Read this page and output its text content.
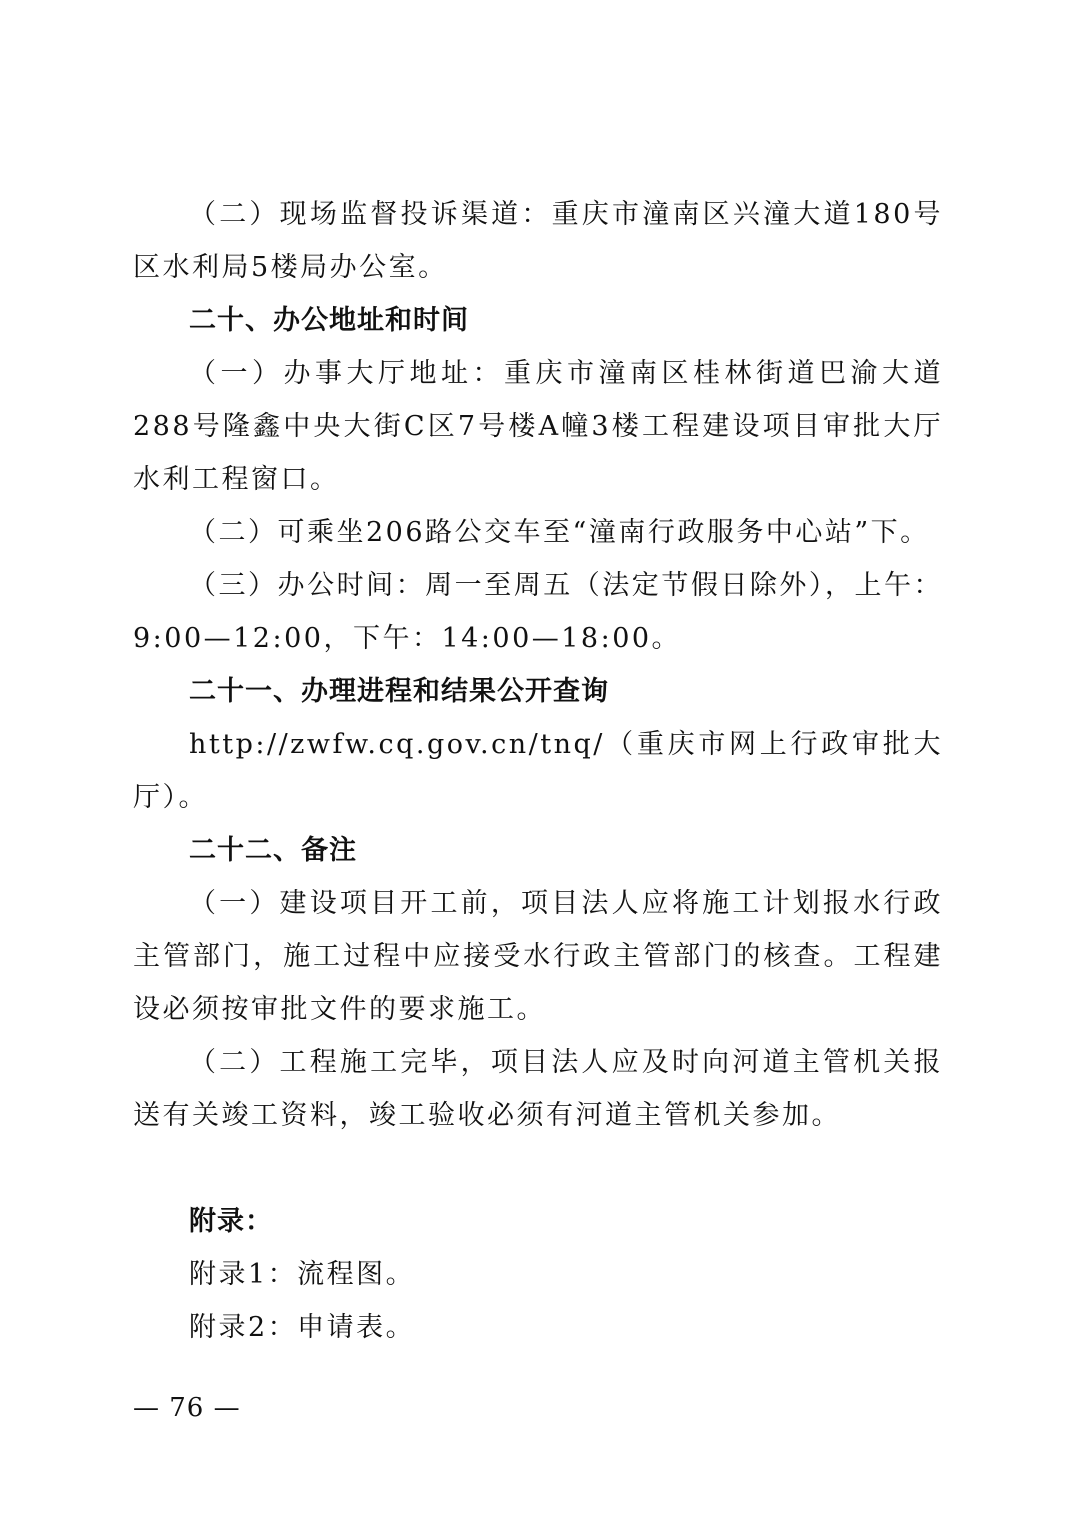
（二）现场监督投诉渠道：重庆市潼南区兴潼大道180号区水利局5楼局办公室。

二十、办公地址和时间

（一）办事大厅地址：重庆市潼南区桂林街道巴渝大道288号隆鑫中央大街C区7号楼A幢3楼工程建设项目审批大厅水利工程窗口。

（二）可乘坐206路公交车至“潼南行政服务中心站”下。

（三）办公时间：周一至周五（法定节假日除外），上午：9:00—12:00，下午：14:00—18:00。

二十一、办理进程和结果公开查询

http://zwfw.cq.gov.cn/tnq/（重庆市网上行政审批大厅）。

二十二、备注

（一）建设项目开工前，项目法人应将施工计划报水行政主管部门，施工过程中应接受水行政主管部门的核查。工程建设必须按审批文件的要求施工。

（二）工程施工完毕，项目法人应及时向河道主管机关报送有关竣工资料，竣工验收必须有河道主管机关参加。

附录：

附录1：流程图。

附录2：申请表。

— 76 —
